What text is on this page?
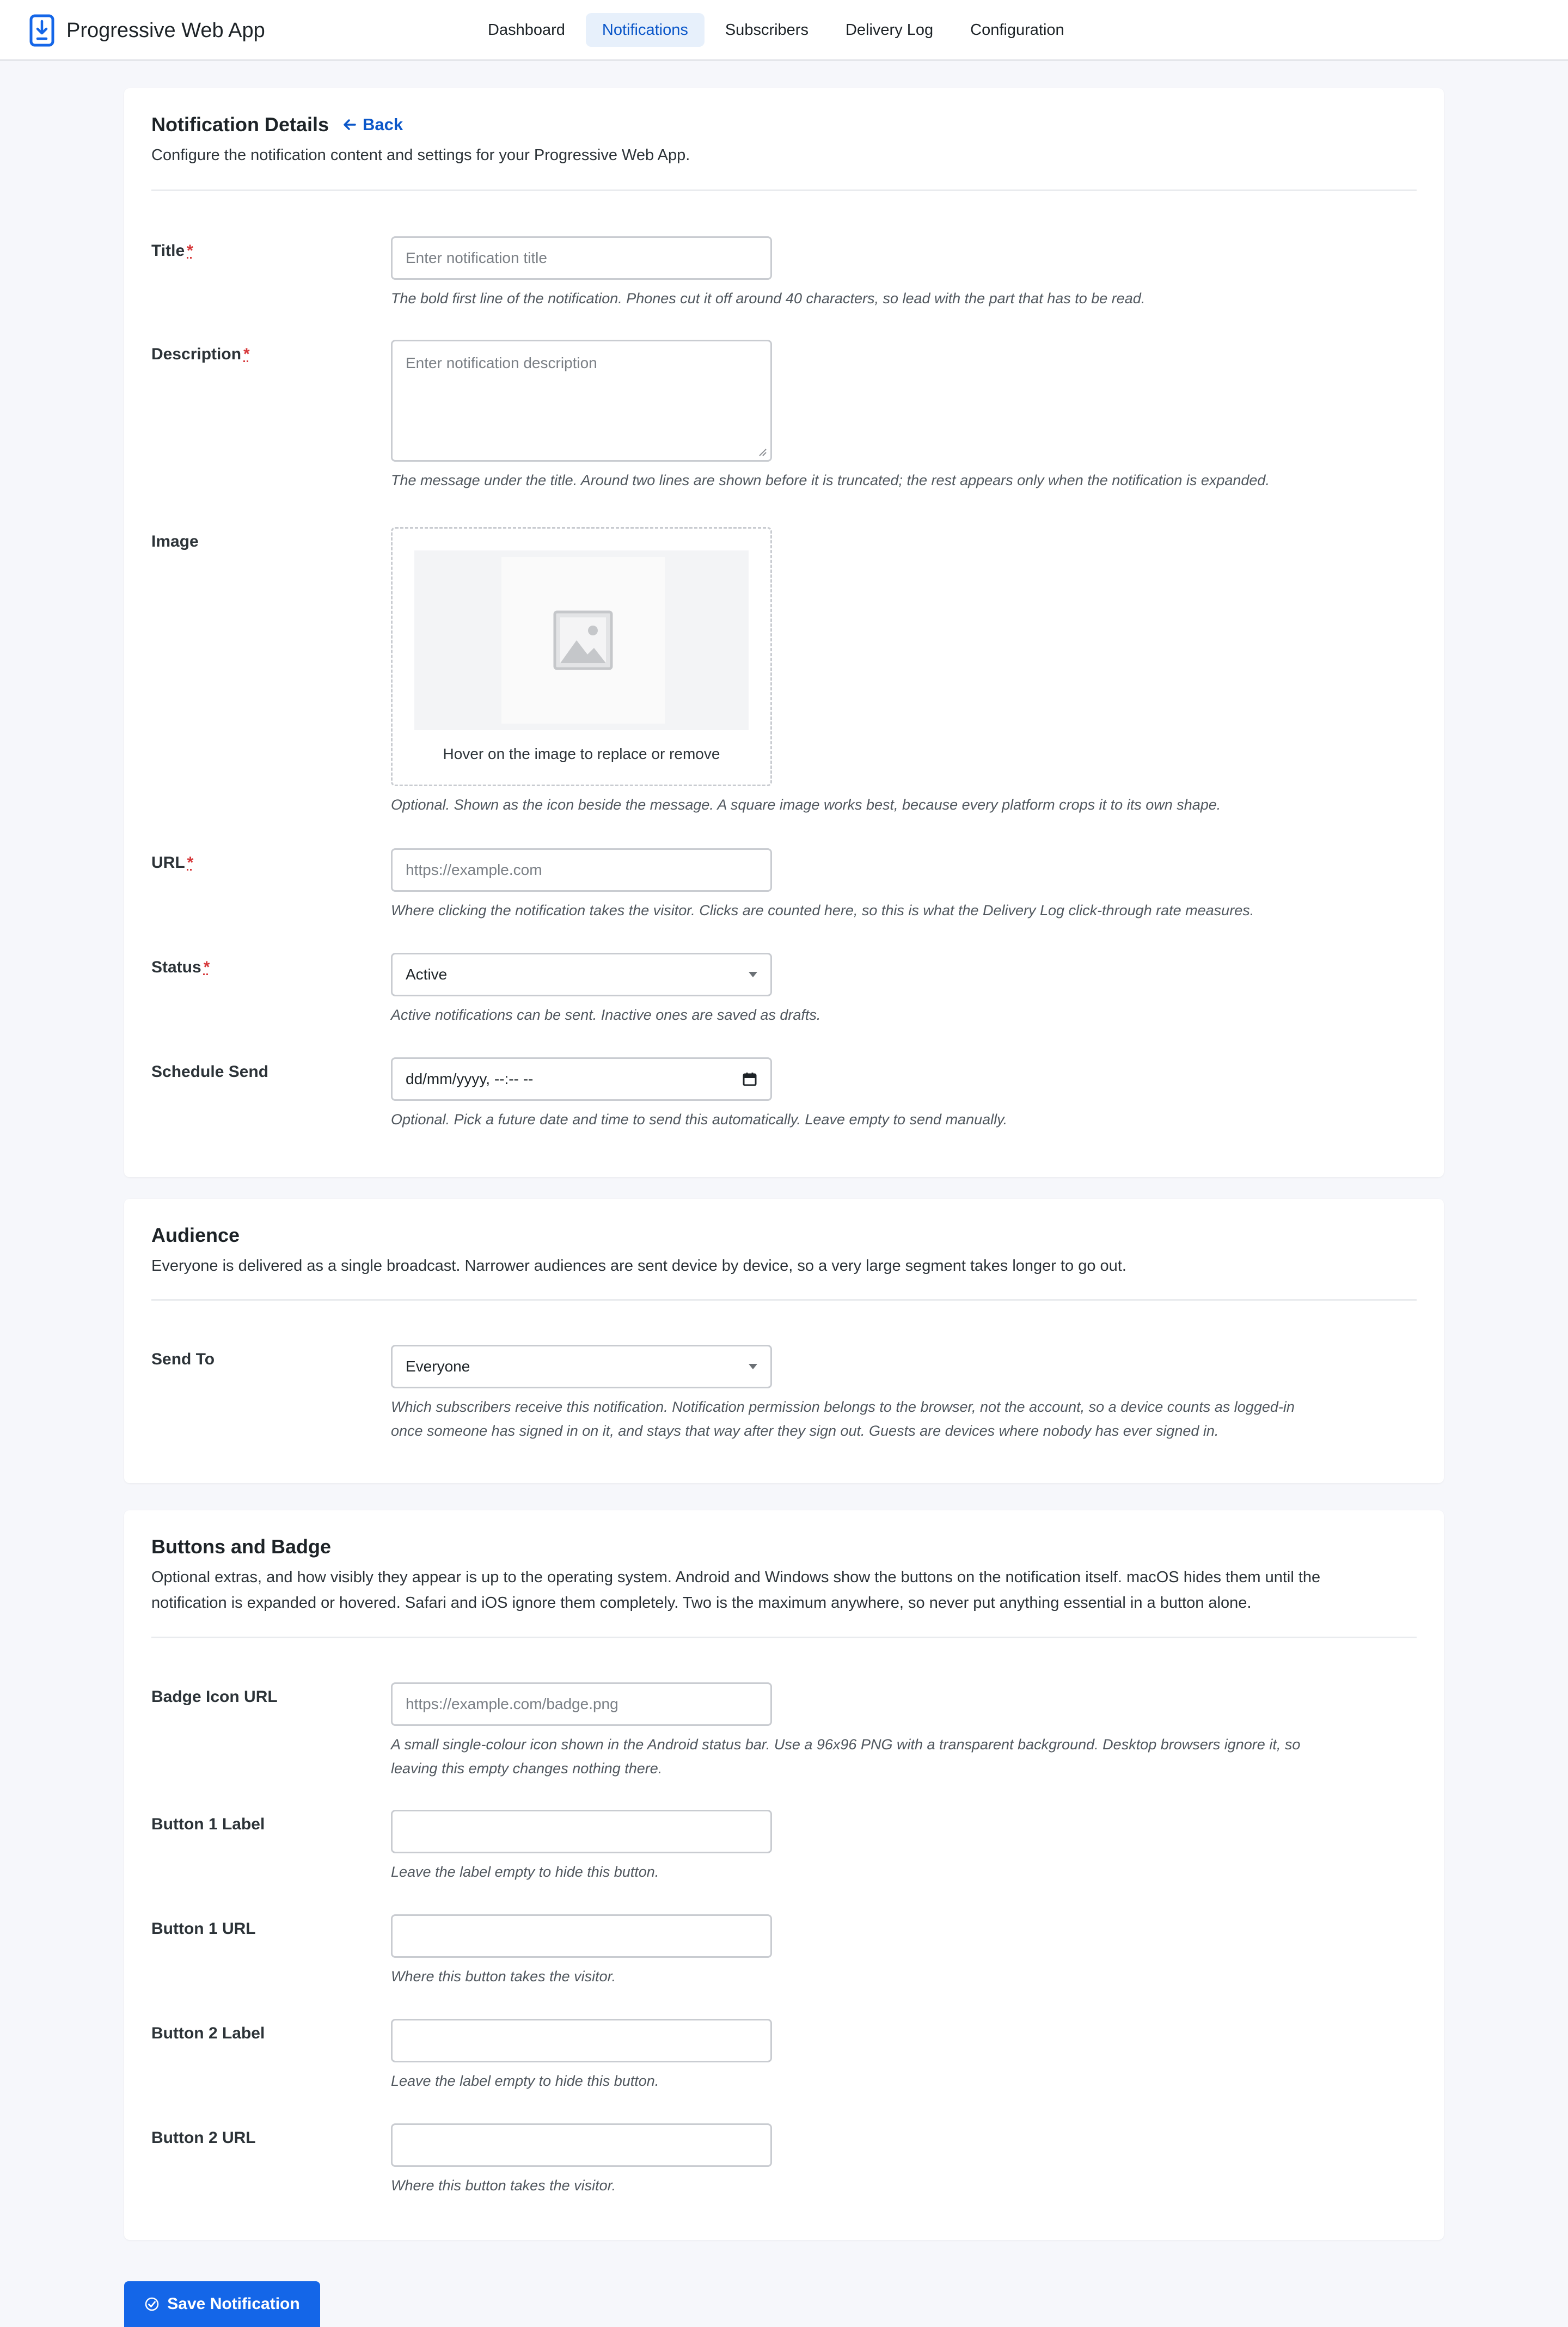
Progressive Web App	Dashboard	Notifications	Subscribers	Delivery Log	Configuration
Notification Details Back
Configure the notification content and settings for your Progressive Web App.
Title *	Enter notification title
The bold first line of the notification. Phones cut it off around 40 characters, so lead with the part that has to be read.
Description *	Enter notification description
The message under the title. Around two lines are shown before it is truncated; the rest appears only when the notification is expanded.
Image
Hover on the image to replace or remove
Optional. Shown as the icon beside the message. A square image works best, because every platform crops it to its own shape.
URL *	https://example.com
Where clicking the notification takes the visitor. Clicks are counted here, so this is what the Delivery Log click-through rate measures.
Status *	Active
Active notifications can be sent. Inactive ones are saved as drafts.
Schedule Send	dd/mm/yyyy, --:-- --
Optional. Pick a future date and time to send this automatically. Leave empty to send manually.
Audience
Everyone is delivered as a single broadcast. Narrower audiences are sent device by device, so a very large segment takes longer to go out.
Send To	Everyone
Which subscribers receive this notification. Notification permission belongs to the browser, not the account, so a device counts as logged-in
once someone has signed in on it, and stays that way after they sign out. Guests are devices where nobody has ever signed in.
Buttons and Badge
Optional extras, and how visibly they appear is up to the operating system. Android and Windows show the buttons on the notification itself. macOS hides them until the
notification is expanded or hovered. Safari and iOS ignore them completely. Two is the maximum anywhere, so never put anything essential in a button alone.
Badge Icon URL	https://example.com/badge.png
A small single-colour icon shown in the Android status bar. Use a 96x96 PNG with a transparent background. Desktop browsers ignore it, so
leaving this empty changes nothing there.
Button 1 Label
Leave the label empty to hide this button.
Button 1 URL
Where this button takes the visitor.
Button 2 Label
Leave the label empty to hide this button.
Button 2 URL
Where this button takes the visitor.
Save Notification
